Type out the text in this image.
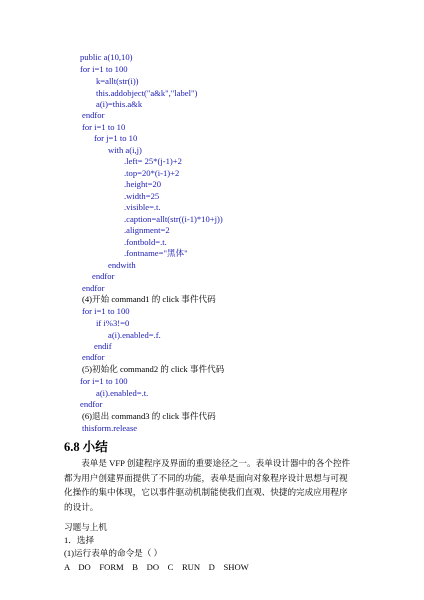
public a(10,10)
for i=1 to 100
k=allt(str(i))
this.addobject("a&k","label")
a(i)=this.a&k
endfor
for i=1 to 10
for j=1 to 10
with a(i,j)
.left= 25*(j-1)+2
.top=20*(i-1)+2
.height=20
.width=25
.visible=.t.
.caption=allt(str((i-1)*10+j))
.alignment=2
.fontbold=.t.
.fontname="黑体"
endwith
endfor
endfor
(4)开始 command1 的 click 事件代码
for i=1 to 100
if i%3!=0
a(i).enabled=.f.
endif
endfor
(5)初始化 command2 的 click 事件代码
for i=1 to 100
a(i).enabled=.t.
endfor
(6)退出 command3 的 click 事件代码
thisform.release
6.8 小结
表单是 VFP 创建程序及界面的重要途径之一。表单设计器中的各个控件都为用户创建界面提供了不同的功能，表单是面向对象程序设计思想与可视化操作的集中体现，它以事件驱动机制能使我们直观、快捷的完成应用程序的设计。
习题与上机
1．选择
(1)运行表单的命令是（ ）
A    DO    FORM    B    DO    C    RUN    D    SHOW
